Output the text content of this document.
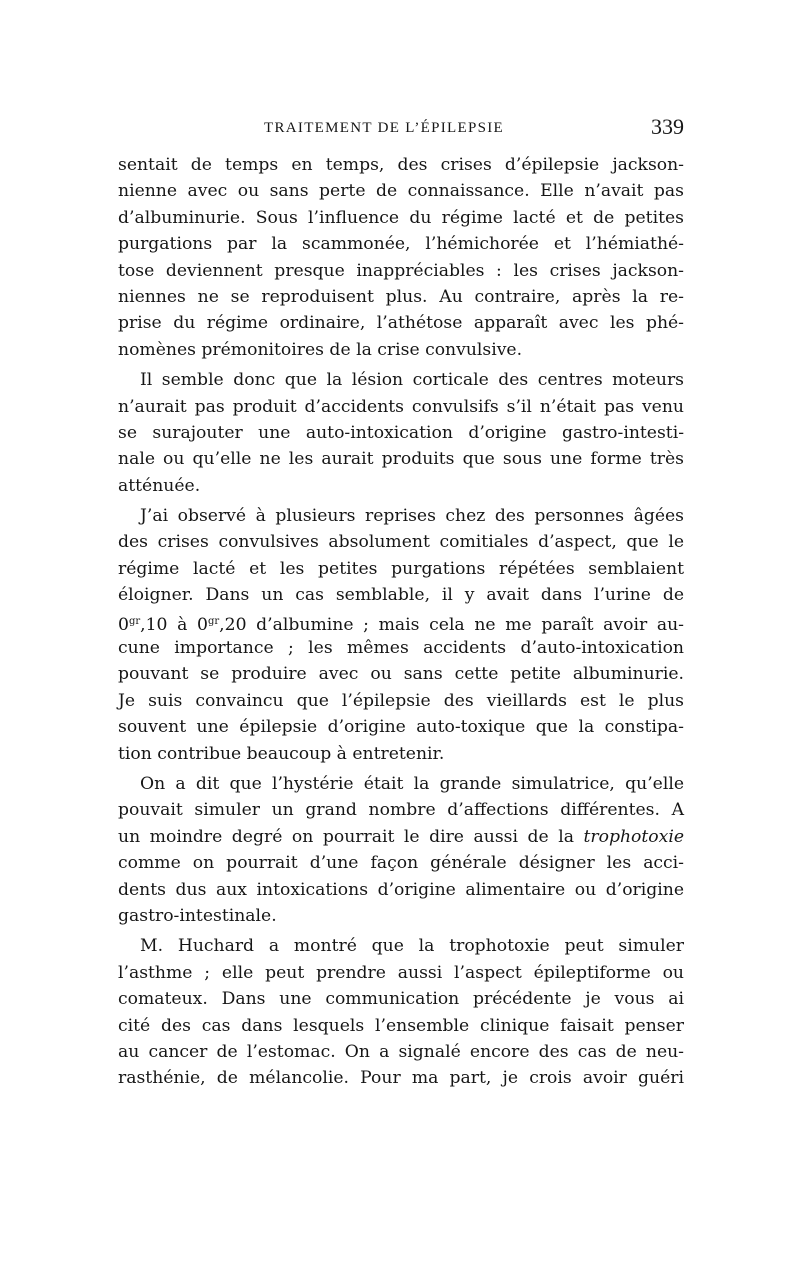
TRAITEMENT DE L’ÉPILEPSIE	339
sentait de temps en temps, des crises d’épilepsie jackson-
nienne avec ou sans perte de connaissance. Elle n’avait pas
d’albuminurie. Sous l’influence du régime lacté et de petites
purgations par la scammonée, l’hémichorée et l’hémiathé-
tose deviennent presque inappréciables : les crises jackson-
niennes ne se reproduisent plus. Au contraire, après la re-
prise du régime ordinaire, l’athétose apparaît avec les phé-
nomènes prémonitoires de la crise convulsive.
Il semble donc que la lésion corticale des centres moteurs
n’aurait pas produit d’accidents convulsifs s’il n’était pas venu
se surajouter une auto-intoxication d’origine gastro-intesti-
nale ou qu’elle ne les aurait produits que sous une forme très
atténuée.
J’ai observé à plusieurs reprises chez des personnes âgées
des crises convulsives absolument comitiales d’aspect, que le
régime lacté et les petites purgations répétées semblaient
éloigner. Dans un cas semblable, il y avait dans l’urine de
$0^{gr},10$ à $0^{gr},20$ d’albumine ; mais cela ne me paraît avoir au-
cune importance ; les mêmes accidents d’auto-intoxication
pouvant se produire avec ou sans cette petite albuminurie.
Je suis convaincu que l’épilepsie des vieillards est le plus
souvent une épilepsie d’origine auto-toxique que la constipa-
tion contribue beaucoup à entretenir.
On a dit que l’hystérie était la grande simulatrice, qu’elle
pouvait simuler un grand nombre d’affections différentes. A
un moindre degré on pourrait le dire aussi de la trophotoxie
comme on pourrait d’une façon générale désigner les acci-
dents dus aux intoxications d’origine alimentaire ou d’origine
gastro-intestinale.
M. Huchard a montré que la trophotoxie peut simuler
l’asthme ; elle peut prendre aussi l’aspect épileptiforme ou
comateux. Dans une communication précédente je vous ai
cité des cas dans lesquels l’ensemble clinique faisait penser
au cancer de l’estomac. On a signalé encore des cas de neu-
rasthénie, de mélancolie. Pour ma part, je crois avoir guéri
